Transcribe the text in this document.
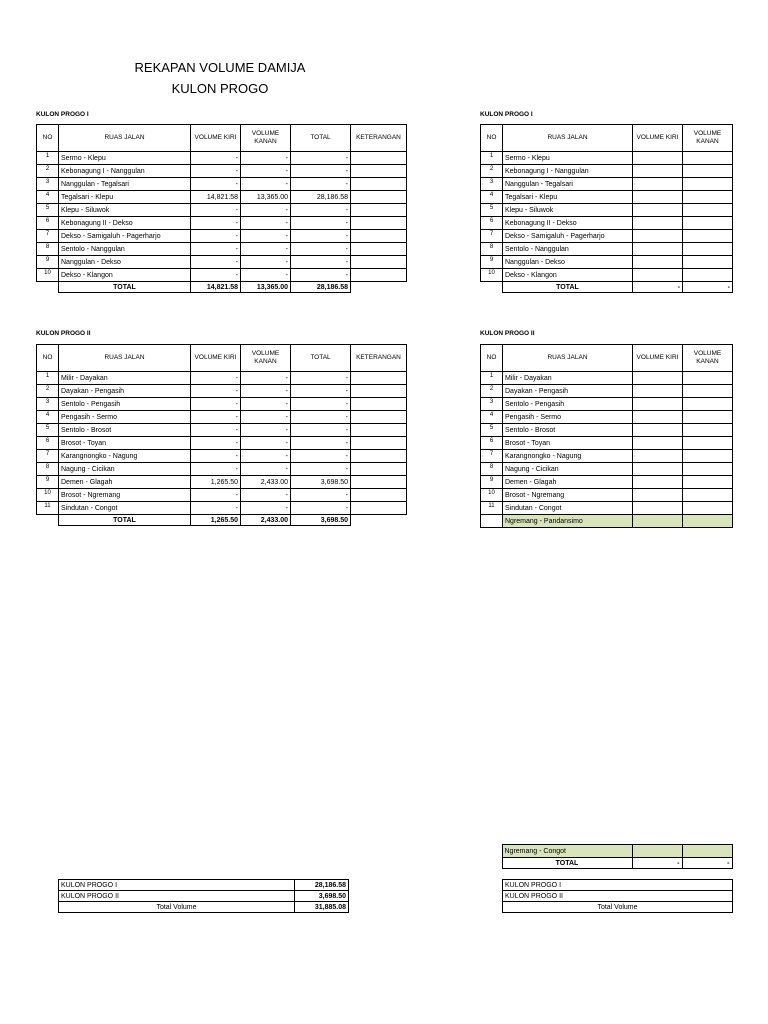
REKAPAN VOLUME DAMIJA
KULON PROGO
KULON PROGO I
NO	RUAS JALAN	VOLUME KIRI	VOLUME KANAN	TOTAL	KETERANGAN
1	Sermo - Klepu	-	-	-	
2	Kebonagung I - Nanggulan	-	-	-	
3	Nanggulan - Tegalsari	-	-	-	
4	Tegalsari - Klepu	14,821.58	13,365.00	28,186.58	
5	Klepu - Siluwok	-	-	-	
6	Kebonagung II - Dekso	-	-	-	
7	Dekso - Samigaluh - Pagerharjo	-	-	-	
8	Sentolo - Nanggulan	-	-	-	
9	Nanggulan - Dekso	-	-	-	
10	Dekso - Klangon	-	-	-	
	TOTAL	14,821.58	13,365.00	28,186.58	
KULON PROGO II
NO	RUAS JALAN	VOLUME KIRI	VOLUME KANAN	TOTAL	KETERANGAN
1	Milir - Dayakan	-	-	-	
2	Dayakan - Pengasih	-	-	-	
3	Sentolo - Pengasih	-	-	-	
4	Pengasih - Sermo	-	-	-	
5	Sentolo - Brosot	-	-	-	
6	Brosot - Toyan	-	-	-	
7	Karangnongko - Nagung	-	-	-	
8	Nagung - Cicikan	-	-	-	
9	Demen - Glagah	1,265.50	2,433.00	3,698.50	
10	Brosot - Ngremang	-	-	-	
11	Sindutan - Congot	-	-	-	
	TOTAL	1,265.50	2,433.00	3,698.50	
KULON PROGO I
NO	RUAS JALAN	VOLUME KIRI	VOLUME KANAN
1	Sermo - Klepu		
2	Kebonagung I - Nanggulan		
3	Nanggulan - Tegalsari		
4	Tegalsari - Klepu		
5	Klepu - Siluwok		
6	Kebonagung II - Dekso		
7	Dekso - Samigaluh - Pagerharjo		
8	Sentolo - Nanggulan		
9	Nanggulan - Dekso		
10	Dekso - Klangon		
	TOTAL	-	-
KULON PROGO II
NO	RUAS JALAN	VOLUME KIRI	VOLUME KANAN
1	Milir - Dayakan		
2	Dayakan - Pengasih		
3	Sentolo - Pengasih		
4	Pengasih - Sermo		
5	Sentolo - Brosot		
6	Brosot - Toyan		
7	Karangnongko - Nagung		
8	Nagung - Cicikan		
9	Demen - Glagah		
10	Brosot - Ngremang		
11	Sindutan - Congot		
	Ngremang - Pandansimo		
	Ngremang - Congot		
	TOTAL	-	-
KULON PROGO I	28,186.58
KULON PROGO II	3,698.50
Total Volume	31,885.08
KULON PROGO I
KULON PROGO II
Total Volume
